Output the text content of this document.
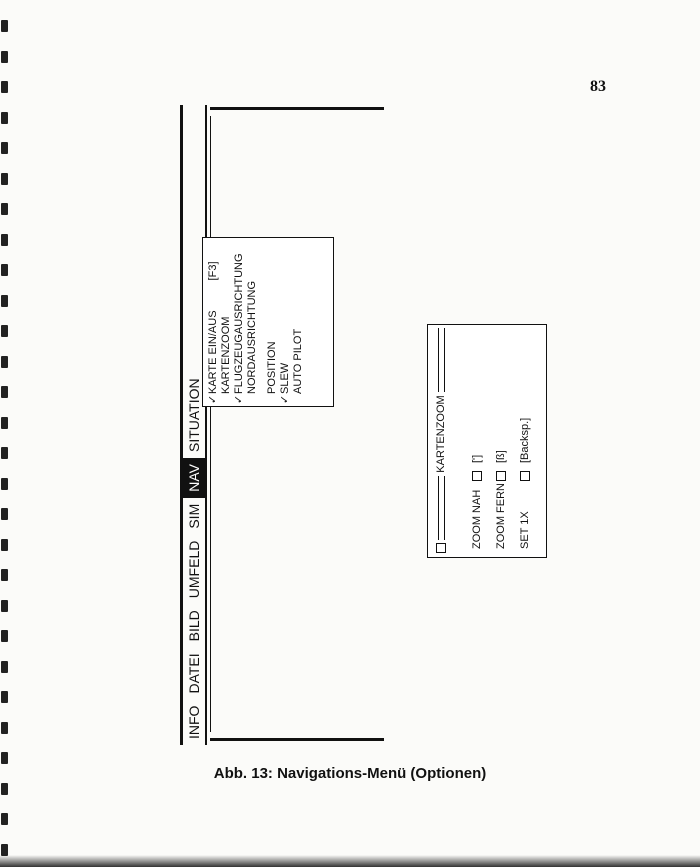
83
INFO
DATEI
BILD
UMFELD
SIM
NAV
SITUATION ✓
KARTE EIN/AUS[F3]
KARTENZOOM
✓
FLUGZEUGAUSRICHTUNG NORDAUSRICHTUNG POSITION
✓
SLEW AUTO PILOT
KARTENZOOM
ZOOM NAH
[']
ZOOM FERN
[ß]
SET 1X
[Backsp.]
Abb. 13: Navigations-Menü (Optionen)
